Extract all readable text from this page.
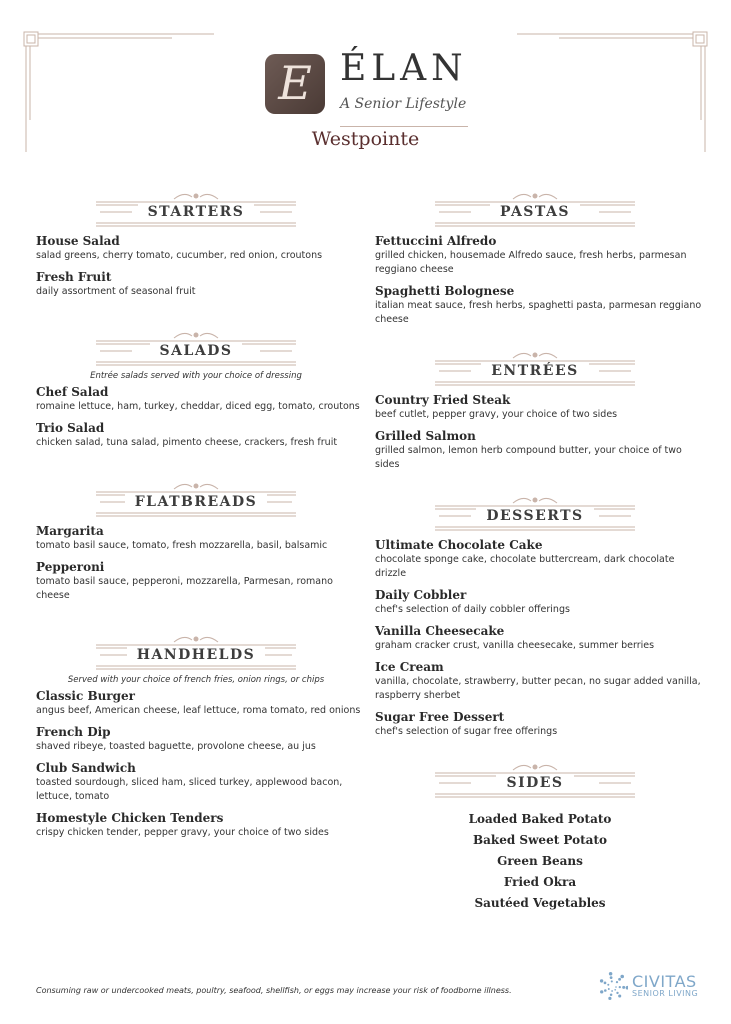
E ÉLAN
A Senior Lifestyle
Westpointe
STARTERS
House Salad
salad greens, cherry tomato, cucumber, red onion, croutons
Fresh Fruit
daily assortment of seasonal fruit
SALADS
Entrée salads served with your choice of dressing
Chef Salad
romaine lettuce, ham, turkey, cheddar, diced egg, tomato, croutons
Trio Salad
chicken salad, tuna salad, pimento cheese, crackers, fresh fruit
FLATBREADS
Margarita
tomato basil sauce, tomato, fresh mozzarella, basil, balsamic
Pepperoni
tomato basil sauce, pepperoni, mozzarella, Parmesan, romano cheese
HANDHELDS
Served with your choice of french fries, onion rings, or chips
Classic Burger
angus beef, American cheese, leaf lettuce, roma tomato, red onions
French Dip
shaved ribeye, toasted baguette, provolone cheese, au jus
Club Sandwich
toasted sourdough, sliced ham, sliced turkey, applewood bacon, lettuce, tomato
Homestyle Chicken Tenders
crispy chicken tender, pepper gravy, your choice of two sides
PASTAS
Fettuccini Alfredo
grilled chicken, housemade Alfredo sauce, fresh herbs, parmesan reggiano cheese
Spaghetti Bolognese
italian meat sauce, fresh herbs, spaghetti pasta, parmesan reggiano cheese
ENTRÉES
Country Fried Steak
beef cutlet, pepper gravy, your choice of two sides
Grilled Salmon
grilled salmon, lemon herb compound butter, your choice of two sides
DESSERTS
Ultimate Chocolate Cake
chocolate sponge cake, chocolate buttercream, dark chocolate drizzle
Daily Cobbler
chef's selection of daily cobbler offerings
Vanilla Cheesecake
graham cracker crust, vanilla cheesecake, summer berries
Ice Cream
vanilla, chocolate, strawberry, butter pecan, no sugar added vanilla, raspberry sherbet
Sugar Free Dessert
chef's selection of sugar free offerings
SIDES
Loaded Baked Potato
Baked Sweet Potato
Green Beans
Fried Okra
Sautéed Vegetables
Consuming raw or undercooked meats, poultry, seafood, shellfish, or eggs may increase your risk of foodborne illness.	CIVITAS
SENIOR LIVING
